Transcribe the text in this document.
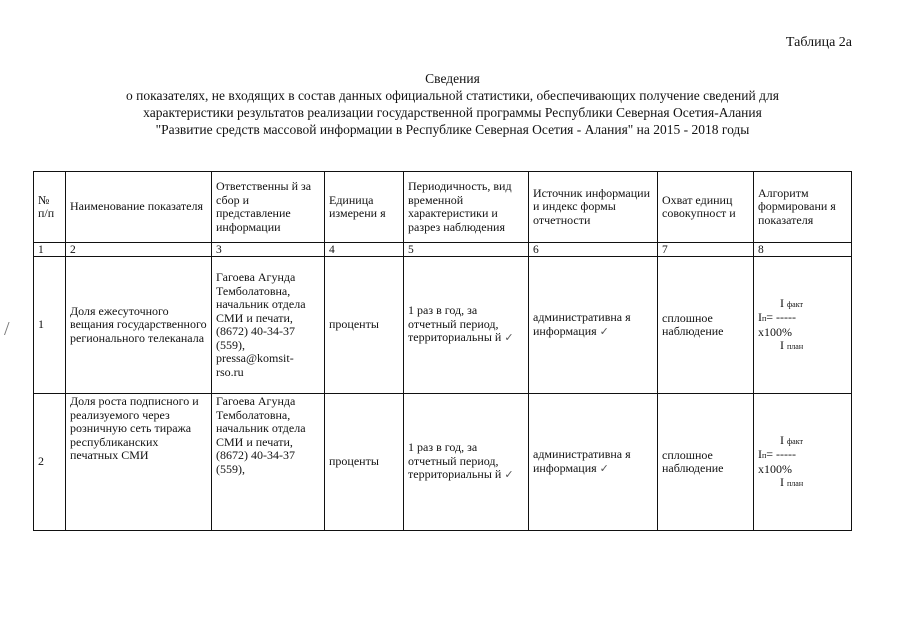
Таблица 2а
Сведения
о показателях, не входящих в состав данных официальной статистики, обеспечивающих получение сведений для
характеристики результатов реализации государственной программы Республики Северная Осетия-Алания
"Развитие средств массовой информации в Республике Северная Осетия - Алания" на 2015 - 2018 годы
/
№ п/п	Наименование показателя	Ответственны й за сбор и представление информации	Единица измерени я	Периодичность, вид временной характеристики и разрез наблюдения	Источник информации и индекс формы отчетности	Охват единиц совокупност и	Алгоритм формировани я показателя
1	2	3	4	5	6	7	8
1	Доля ежесуточного вещания государственного регионального телеканала	Гагоева Агунда Темболатовна, начальник отдела СМИ и печати, (8672) 40-34-37 (559), pressa@komsit-rso.ru	проценты	1 раз в год, за отчетный период, территориальны й ✓	административна я информация ✓	сплошное наблюдение	I факт
Iп= -----
x100%
I план

2	Доля роста подписного и реализуемого через розничную сеть тиража республиканских печатных СМИ	Гагоева Агунда Темболатовна, начальник отдела СМИ и печати, (8672) 40-34-37 (559),	проценты	1 раз в год, за отчетный период, территориальны й ✓	административна я информация ✓	сплошное наблюдение	I факт
Iп= -----
x100%
I план
